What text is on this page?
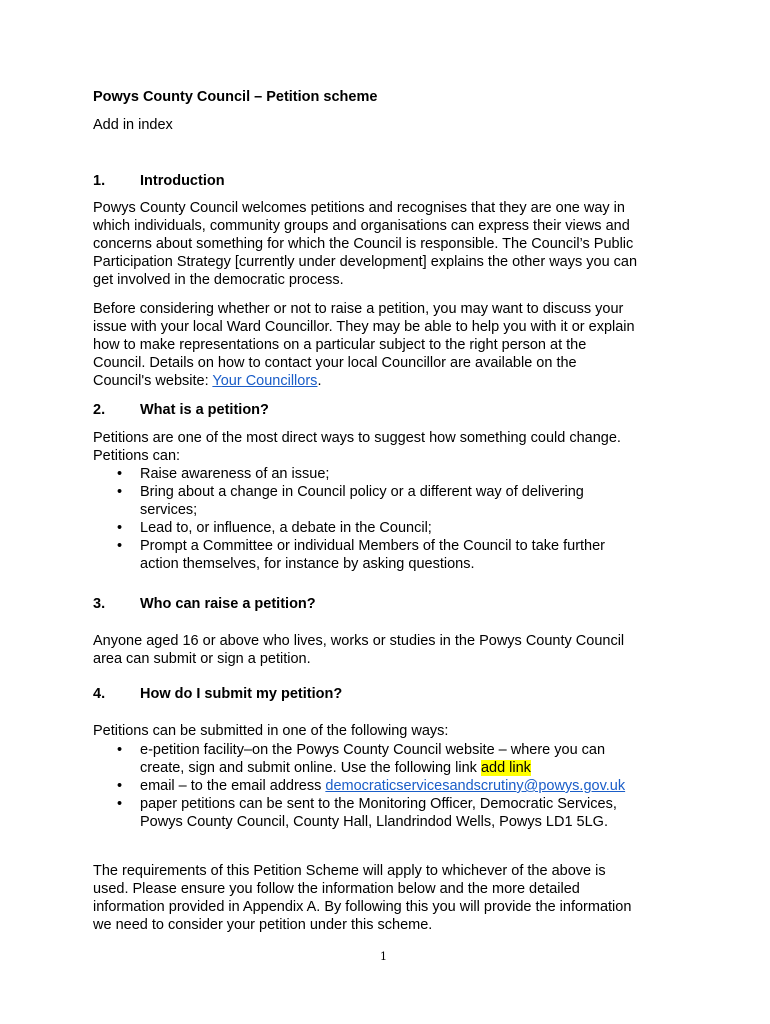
Powys County Council – Petition scheme
Add in index
1. Introduction
Powys County Council welcomes petitions and recognises that they are one way in
which individuals, community groups and organisations can express their views and
concerns about something for which the Council is responsible. The Council’s Public
Participation Strategy [currently under development] explains the other ways you can
get involved in the democratic process.
Before considering whether or not to raise a petition, you may want to discuss your
issue with your local Ward Councillor. They may be able to help you with it or explain
how to make representations on a particular subject to the right person at the
Council. Details on how to contact your local Councillor are available on the
Council's website: Your Councillors.
2. What is a petition?
Petitions are one of the most direct ways to suggest how something could change.
Petitions can:
• Raise awareness of an issue;
• Bring about a change in Council policy or a different way of delivering
services;
• Lead to, or influence, a debate in the Council;
• Prompt a Committee or individual Members of the Council to take further
action themselves, for instance by asking questions.
3. Who can raise a petition?
Anyone aged 16 or above who lives, works or studies in the Powys County Council
area can submit or sign a petition.
4. How do I submit my petition?
Petitions can be submitted in one of the following ways:
• e-petition facility–on the Powys County Council website – where you can
create, sign and submit online. Use the following link add link
• email – to the email address democraticservicesandscrutiny@powys.gov.uk
• paper petitions can be sent to the Monitoring Officer, Democratic Services,
Powys County Council, County Hall, Llandrindod Wells, Powys LD1 5LG.
The requirements of this Petition Scheme will apply to whichever of the above is
used. Please ensure you follow the information below and the more detailed
information provided in Appendix A. By following this you will provide the information
we need to consider your petition under this scheme.
1
